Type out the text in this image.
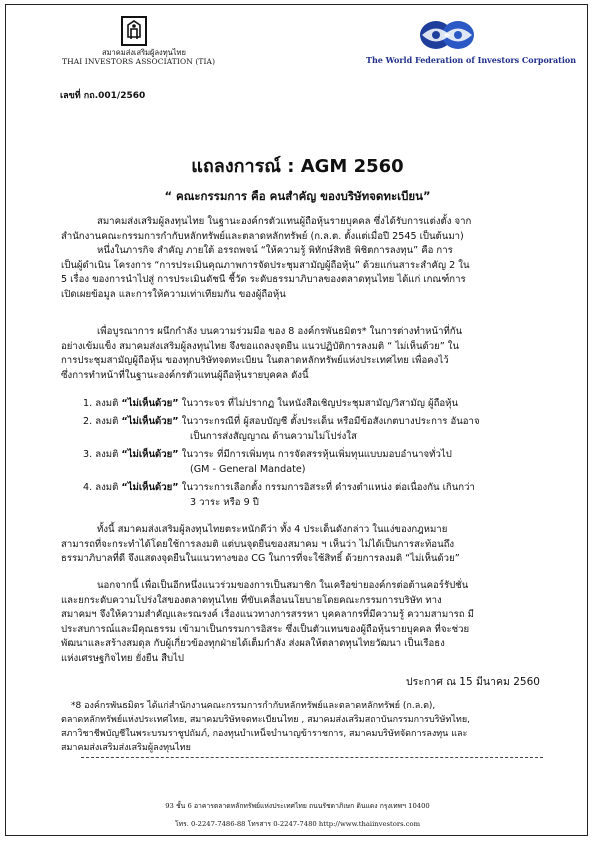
สมาคมส่งเสริมผู้ลงทุนไทย
THAI INVESTORS ASSOCIATION (TIA)	The World Federation of Investors Corporation
เลขที่ กถ.001/2560
แถลงการณ์ : AGM 2560
“ คณะกรรมการ คือ คนสำคัญ ของบริษัทจดทะเบียน”
สมาคมส่งเสริมผู้ลงทุนไทย ในฐานะองค์กรตัวแทนผู้ถือหุ้นรายบุคคล ซึ่งได้รับการแต่งตั้ง จาก
สำนักงานคณะกรรมการกำกับหลักทรัพย์และตลาดหลักทรัพย์ (ก.ล.ต. ตั้งแต่เมื่อปี 2545 เป็นต้นมา)
หนึ่งในภารกิจ สำคัญ ภายใต้ อรรถพจน์ “ให้ความรู้ พิทักษ์สิทธิ พิชิตการลงทุน” คือ การ
เป็นผู้ดำเนิน โครงการ “การประเมินคุณภาพการจัดประชุมสามัญผู้ถือหุ้น” ด้วยแก่นสาระสำคัญ 2 ใน
5 เรื่อง ของการนำไปสู่ การประเมินดัชนี ชี้วัด ระดับธรรมาภิบาลของตลาดทุนไทย ได้แก่ เกณฑ์การ
เปิดเผยข้อมูล และการให้ความเท่าเทียมกัน ของผู้ถือหุ้น
เพื่อบูรณาการ ผนึกกำลัง บนความร่วมมือ ของ 8 องค์กรพันธมิตร* ในการต่างทำหน้าที่กัน
อย่างเข้มแข็ง สมาคมส่งเสริมผู้ลงทุนไทย จึงขอแถลงจุดยืน แนวปฏิบัติการลงมติ “ ไม่เห็นด้วย” ใน
การประชุมสามัญผู้ถือหุ้น ของทุกบริษัทจดทะเบียน ในตลาดหลักทรัพย์แห่งประเทศไทย เพื่อคงไว้
ซึ่งการทำหน้าที่ในฐานะองค์กรตัวแทนผู้ถือหุ้นรายบุคคล ดังนี้
1. ลงมติ “ไม่เห็นด้วย” ในวาระจร ที่ไม่ปรากฏ ในหนังสือเชิญประชุมสามัญ/วิสามัญ ผู้ถือหุ้น
2. ลงมติ “ไม่เห็นด้วย” ในวาระกรณีที่ ผู้สอบบัญชี ตั้งประเด็น หรือมีข้อสังเกตบางประการ อันอาจ
เป็นการส่งสัญญาณ ด้านความไม่โปร่งใส
3. ลงมติ “ไม่เห็นด้วย” ในวาระ ที่มีการเพิ่มทุน การจัดสรรหุ้นเพิ่มทุนแบบมอบอำนาจทั่วไป
(GM - General Mandate)
4. ลงมติ “ไม่เห็นด้วย” ในวาระการเลือกตั้ง กรรมการอิสระที่ ดำรงตำแหน่ง ต่อเนื่องกัน เกินกว่า
3 วาระ หรือ 9 ปี
ทั้งนี้ สมาคมส่งเสริมผู้ลงทุนไทยตระหนักดีว่า ทั้ง 4 ประเด็นดังกล่าว ในแง่ของกฎหมาย
สามารถที่จะกระทำได้โดยใช้การลงมติ แต่บนจุดยืนของสมาคม ฯ เห็นว่า ไม่ได้เป็นการสะท้อนถึง
ธรรมาภิบาลที่ดี จึงแสดงจุดยืนในแนวทางของ CG ในการที่จะใช้สิทธิ์ ด้วยการลงมติ “ไม่เห็นด้วย”
นอกจากนี้ เพื่อเป็นอีกหนึ่งแนวร่วมของการเป็นสมาชิก ในเครือข่ายองค์กรต่อต้านคอร์รัปชั่น
และยกระดับความโปร่งใสของตลาดทุนไทย ที่ขับเคลื่อนนโยบายโดยคณะกรรมการบริษัท ทาง
สมาคมฯ จึงให้ความสำคัญและรณรงค์ เรื่องแนวทางการสรรหา บุคคลากรที่มีความรู้ ความสามารถ มี
ประสบการณ์และมีคุณธรรม เข้ามาเป็นกรรมการอิสระ ซึ่งเป็นตัวแทนของผู้ถือหุ้นรายบุคคล ที่จะช่วย
พัฒนาและสร้างสมดุล กับผู้เกี่ยวข้องทุกฝ่ายได้เต็มกำลัง ส่งผลให้ตลาดทุนไทยวัฒนา เป็นเรือธง
แห่งเศรษฐกิจไทย ยั่งยืน สืบไป
ประกาศ ณ 15 มีนาคม 2560
*8 องค์กรพันธมิตร ได้แก่สำนักงานคณะกรรมการกำกับหลักทรัพย์และตลาดหลักทรัพย์ (ก.ล.ต),
ตลาดหลักทรัพย์แห่งประเทศไทย, สมาคมบริษัทจดทะเบียนไทย , สมาคมส่งเสริมสถาบันกรรมการบริษัทไทย,
สภาวิชาชีพบัญชีในพระบรมราชูปถัมภ์, กองทุนบำเหน็จบำนาญข้าราชการ, สมาคมบริษัทจัดการลงทุน และ
สมาคมส่งเสริมส่งเสริมผู้ลงทุนไทย
93 ชั้น 6 อาคารตลาดหลักทรัพย์แห่งประเทศไทย ถนนรัชดาภิเษก ดินแดง กรุงเทพฯ 10400
โทร. 0-2247-7486-88 โทรสาร 0-2247-7480 http://www.thaiinvestors.com
